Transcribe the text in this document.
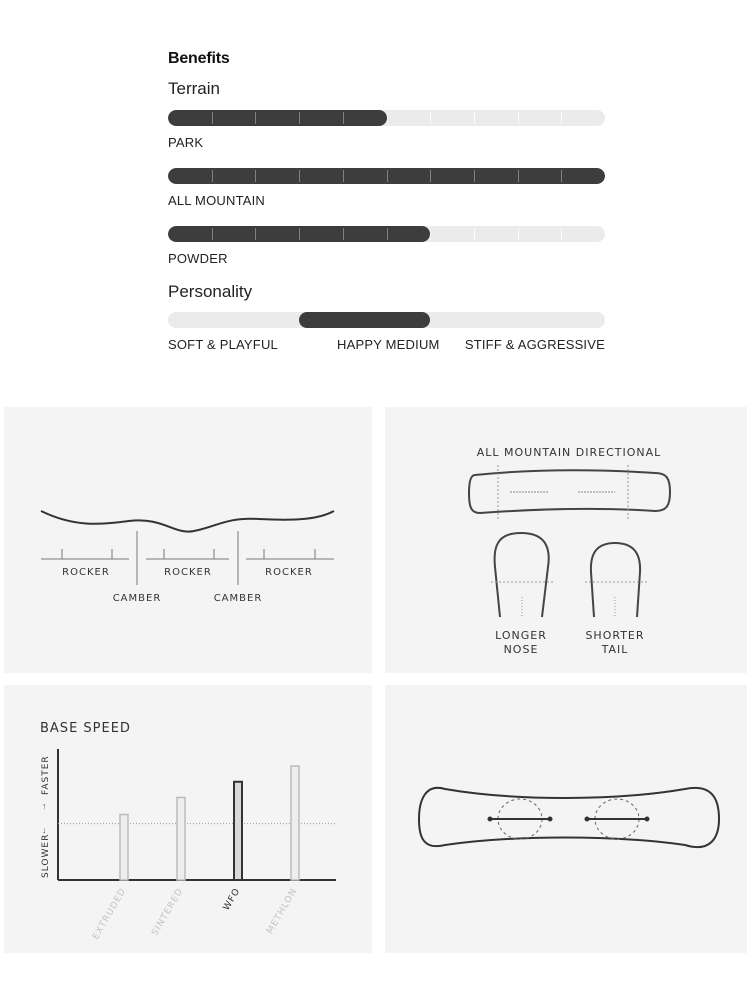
Benefits
Terrain
PARK
ALL MOUNTAIN
POWDER
Personality
SOFT & PLAYFUL	HAPPY MEDIUM STIFF & AGGRESSIVE
ROCKER	ROCKER	ROCKER
CAMBER	CAMBER
ALL MOUNTAIN DIRECTIONAL
LONGER
NOSE
SHORTER
TAIL
BASE SPEED
FASTER
SLOWER
↑
↓
EXTRUDED SINTERED	WFO	METHLON
